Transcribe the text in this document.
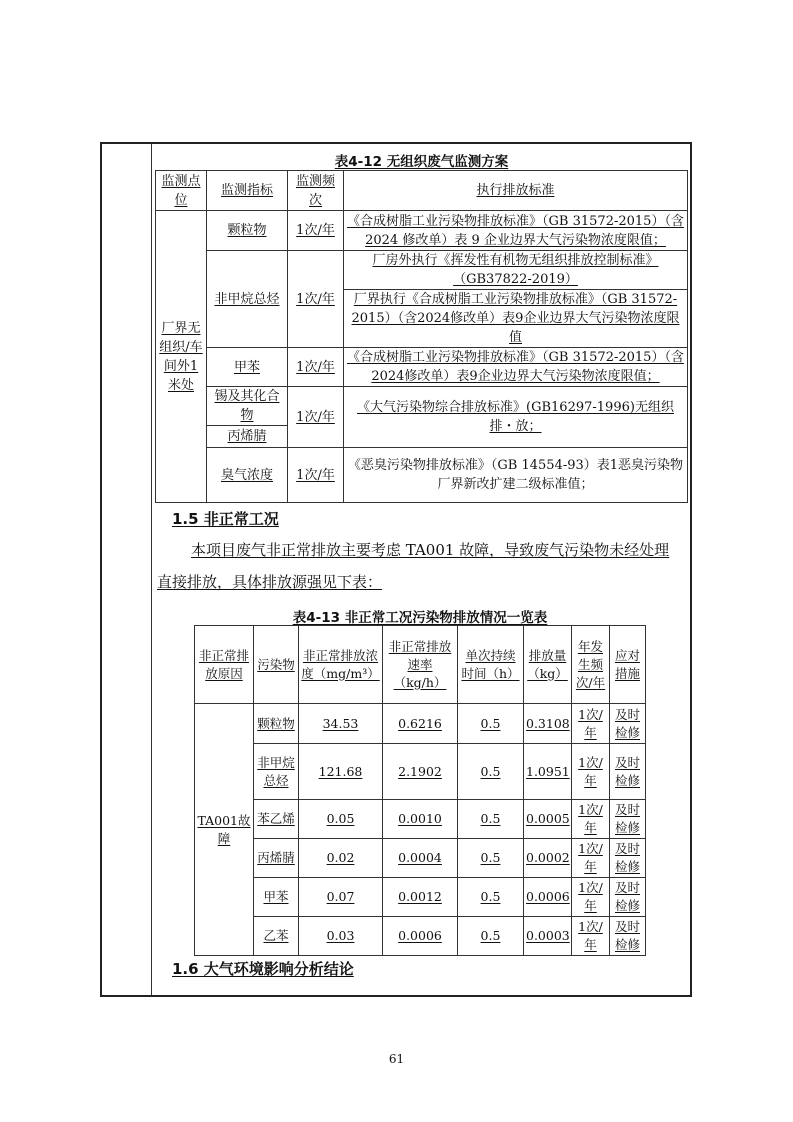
表4-12 无组织废气监测方案
监测点位	监测指标	监测频次	执行排放标准
厂界无组织/车间外1米处	颗粒物	1次/年	《合成树脂工业污染物排放标准》（GB 31572-2015）（含 2024 修改单）表 9 企业边界大气污染物浓度限值；
	非甲烷总烃	1次/年	厂房外执行《挥发性有机物无组织排放控制标准》（GB37822-2019）
			厂界执行《合成树脂工业污染物排放标准》（GB 31572-2015）（含2024修改单）表9企业边界大气污染物浓度限值
	甲苯	1次/年	《合成树脂工业污染物排放标准》（GB 31572-2015）（含2024修改单）表9企业边界大气污染物浓度限值；
	锡及其化合物	1次/年	《大气污染物综合排放标准》(GB16297-1996)无组织排・放；
	丙烯腈		
	臭气浓度	1次/年	《恶臭污染物排放标准》（GB 14554-93）表1恶臭污染物厂界新改扩建二级标准值；
1.5 非正常工况
本项目废气非正常排放主要考虑 TA001 故障，导致废气污染物未经处理
直接排放，具体排放源强见下表：
表4-13 非正常工况污染物排放情况一览表
非正常排放原因	污染物	非正常排放浓度（mg/m³）	非正常排放速率（kg/h）	单次持续时间（h）	排放量（kg）	年发生频次/年	应对措施
TA001故障	颗粒物	34.53	0.6216	0.5	0.3108	1次/年	及时检修
	非甲烷总烃	121.68	2.1902	0.5	1.0951	1次/年	及时检修
	苯乙烯	0.05	0.0010	0.5	0.0005	1次/年	及时检修
	丙烯腈	0.02	0.0004	0.5	0.0002	1次/年	及时检修
	甲苯	0.07	0.0012	0.5	0.0006	1次/年	及时检修
	乙苯	0.03	0.0006	0.5	0.0003	1次/年	及时检修
1.6 大气环境影响分析结论
61
